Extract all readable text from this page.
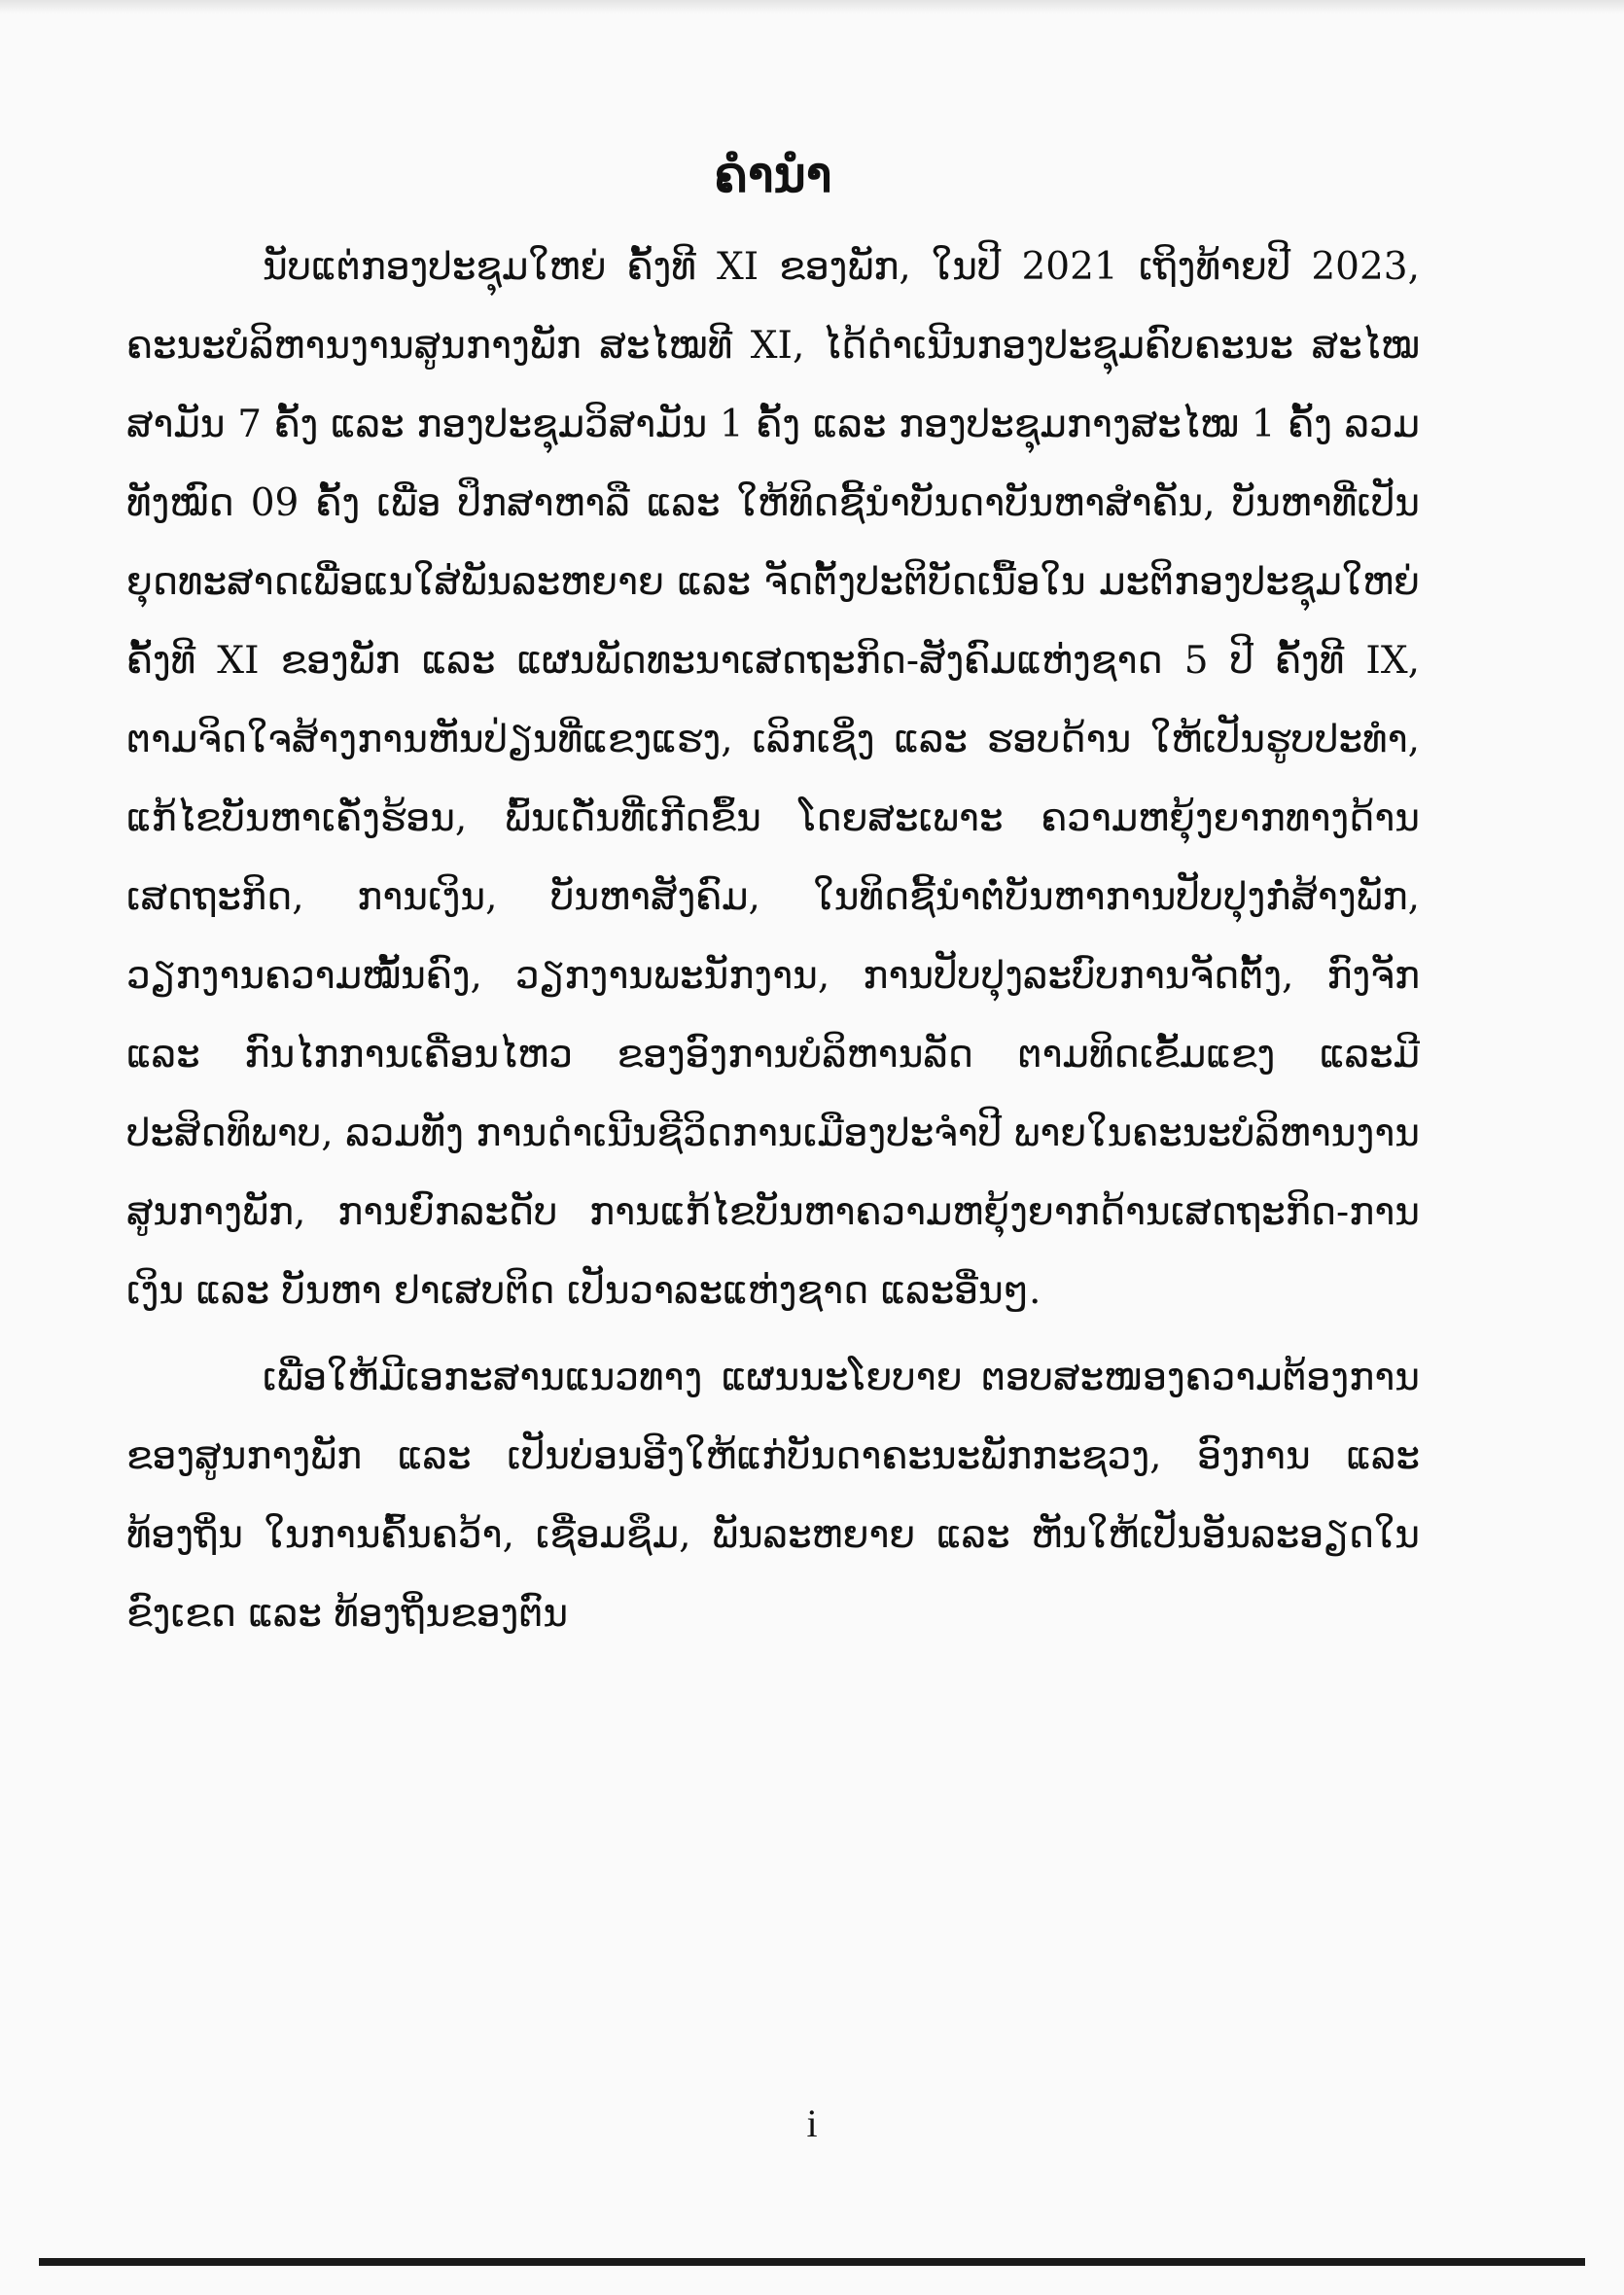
ຄຳນຳ

ນັບແຕ່ກອງປະຊຸມໃຫຍ່ ຄັ້ງທີ XI ຂອງພັກ, ໃນປີ 2021 ເຖິງທ້າຍປີ 2023, ຄະນະບໍລິຫານງານສູນກາງພັກ ສະໄໝທີ XI, ໄດ້ດຳເນີນກອງປະຊຸມຄົບຄະນະ ສະໄໝສາມັນ 7 ຄັ້ງ ແລະ ກອງປະຊຸມວິສາມັນ 1 ຄັ້ງ ແລະ ກອງປະຊຸມກາງສະໄໝ 1 ຄັ້ງ ລວມທັງໝົດ 09 ຄັ້ງ ເພື່ອ ປຶກສາຫາລື ແລະ ໃຫ້ທິດຊີ້ນຳບັນດາບັນຫາສຳຄັນ, ບັນຫາທີ່ເປັນຍຸດທະສາດເພື່ອແນໃສ່ພັນລະຫຍາຍ ແລະ ຈັດຕັ້ງປະຕິບັດເນື້ອໃນ ມະຕິກອງປະຊຸມໃຫຍ່ ຄັ້ງທີ XI ຂອງພັກ ແລະ ແຜນພັດທະນາເສດຖະກິດ-ສັງຄົມແຫ່ງຊາດ 5 ປີ ຄັ້ງທີ IX, ຕາມຈິດໃຈສ້າງການຫັນປ່ຽນທີ່ແຂງແຮງ, ເລິກເຊິ່ງ ແລະ ຮອບດ້ານ ໃຫ້ເປັນຮູບປະທຳ, ແກ້ໄຂບັນຫາເຄັ່ງຮ້ອນ, ພົ້ນເດັ່ນທີ່ເກີດຂຶ້ນ ໂດຍສະເພາະ ຄວາມຫຍຸ້ງຍາກທາງດ້ານເສດຖະກິດ, ການເງິນ, ບັນຫາສັງຄົມ, ໃນທິດຊີ້ນຳຕໍ່ບັນຫາການປັບປຸງກໍ່ສ້າງພັກ, ວຽກງານຄວາມໝັ້ນຄົງ, ວຽກງານພະນັກງານ, ການປັບປຸງລະບົບການຈັດຕັ້ງ, ກົງຈັກ ແລະ ກົນໄກການເຄື່ອນໄຫວ ຂອງອົງການບໍລິຫານລັດ ຕາມທິດເຂັ້ມແຂງ ແລະມີປະສິດທິພາບ, ລວມທັງ ການດຳເນີນຊີວິດການເມືອງປະຈຳປີ ພາຍໃນຄະນະບໍລິຫານງານສູນກາງພັກ, ການຍົກລະດັບ ການແກ້ໄຂບັນຫາຄວາມຫຍຸ້ງຍາກດ້ານເສດຖະກິດ-ການເງິນ ແລະ ບັນຫາ ຢາເສບຕິດ ເປັນວາລະແຫ່ງຊາດ ແລະອື່ນໆ.

ເພື່ອໃຫ້ມີເອກະສານແນວທາງ ແຜນນະໂຍບາຍ ຕອບສະໜອງຄວາມຕ້ອງການຂອງສູນກາງພັກ ແລະ ເປັນບ່ອນອີງໃຫ້ແກ່ບັນດາຄະນະພັກກະຊວງ, ອົງການ ແລະທ້ອງຖິ່ນ ໃນການຄົ້ນຄວ້າ, ເຊື່ອມຊຶມ, ພັນລະຫຍາຍ ແລະ ຫັນໃຫ້ເປັນອັນລະອຽດໃນຂົງເຂດ ແລະ ທ້ອງຖິ່ນຂອງຕົນ

i
